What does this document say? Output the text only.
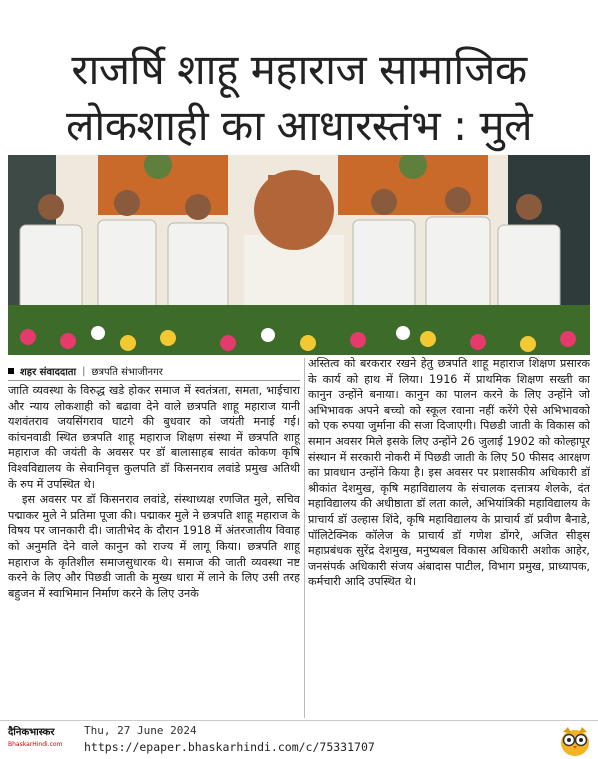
राजर्षि शाहू महाराज सामाजिक
लोकशाही का आधारस्तंभ : मुले
शहर संवाददाता | छत्रपति संभाजीनगर

जाति व्यवस्था के विरुद्ध खडे होकर समाज में स्वतंत्रता, समता, भाईचारा और न्याय लोकशाही को बढावा देने वाले छत्रपति शाहू महाराज यानी यशवंतराव जयसिंगराव घाटगे की बुधवार को जयंती मनाई गई। कांचनवाडी स्थित छत्रपति शाहू महाराज शिक्षण संस्था में छत्रपति शाहू महाराज की जयंती के अवसर पर डॉ बालासाहब सावंत कोकण कृषि विश्वविद्यालय के सेवानिवृत्त कुलपति डॉ किसनराव लवांडे प्रमुख अतिथी के रुप में उपस्थित थे।

इस अवसर पर डॉ किसनराव लवांडे, संस्थाध्यक्ष रणजित मुले, सचिव पद्माकर मुले ने प्रतिमा पूजा की। पद्माकर मुले ने छत्रपति शाहू महाराज के विषय पर जानकारी दी। जातीभेद के दौरान 1918 में अंतरजातीय विवाह को अनुमति देने वाले कानुन को राज्य में लागू किया। छत्रपति शाहू महाराज के कृतिशील समाजसुधारक थे। समाज की जाती व्यवस्था नष्ट करने के लिए और पिछडी जाती के मुख्य धारा में लाने के लिए उसी तरह बहुजन में स्वाभिमान निर्माण करने के लिए उनके

अस्तित्व को बरकरार रखने हेतु छत्रपति शाहू महाराज शिक्षण प्रसारक के कार्य को हाथ में लिया। 1916 में प्राथमिक शिक्षण सख्ती का कानुन उन्होंने बनाया। कानुन का पालन करने के लिए उन्होंने जो अभिभावक अपने बच्चो को स्कूल रवाना नहीं करेंगे ऐसे अभिभावको को एक रुपया जुर्माना की सजा दिजाएगी। पिछडी जाती के विकास को समान अवसर मिले इसके लिए उन्होंने 26 जुलाई 1902 को कोल्हापूर संस्थान में सरकारी नोकरी में पिछडी जाती के लिए 50 फीसद आरक्षण का प्रावधान उन्होंने किया है। इस अवसर पर प्रशासकीय अधिकारी डॉ श्रीकांत देशमुख, कृषि महाविद्यालय के संचालक दत्तात्रय शेलके, दंत महाविद्यालय की अधीष्ठाता डॉ लता काले, अभियांत्रिकी महाविद्यालय के प्राचार्य डॉ उल्हास शिंदे, कृषि महाविद्यालय के प्राचार्य डॉ प्रवीण बैनाडे, पॉलिटेक्निक कॉलेज के प्राचार्य डॉ गणेश डोंगरे, अजित सीड्स महाप्रबंधक सुरेंद्र देशमुख, मनुष्यबल विकास अधिकारी अशोक आहेर, जनसंपर्क अधिकारी संजय अंबादास पाटील, विभाग प्रमुख, प्राध्यापक, कर्मचारी आदि उपस्थित थे।

दैनिकभास्कर
BhaskarHindi.com
Thu, 27 June 2024
https://epaper.bhaskarhindi.com/c/75331707
